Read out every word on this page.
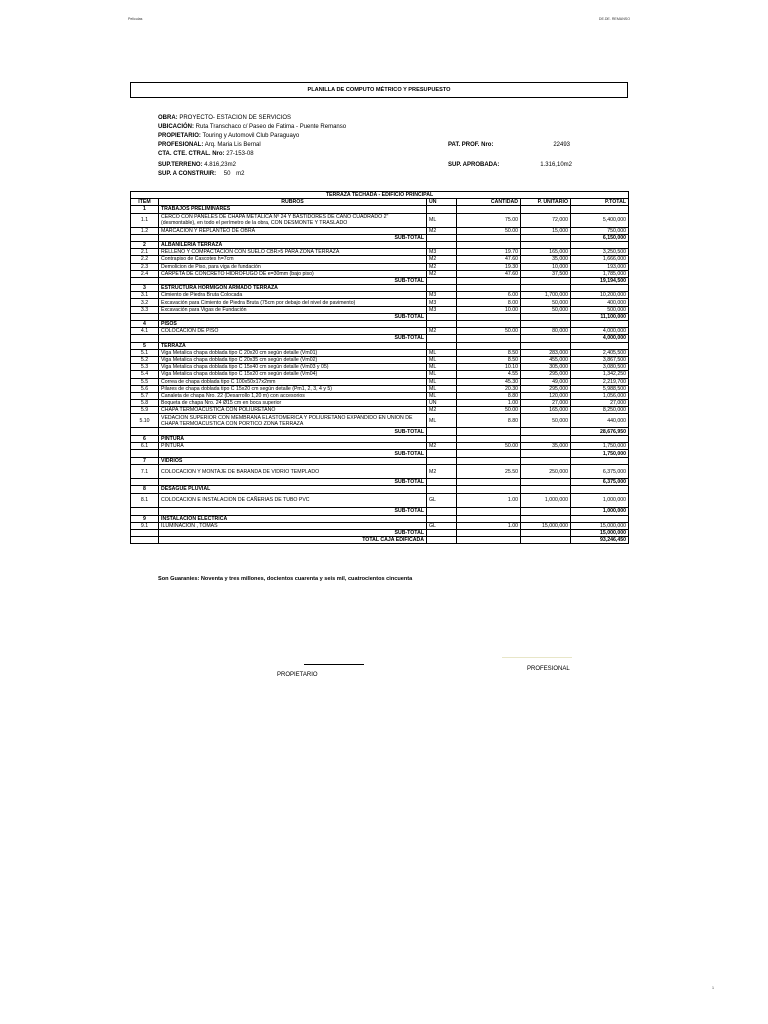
Peliculas	DE.DE. REMANSO
PLANILLA DE COMPUTO MÉTRICO Y PRESUPUESTO
OBRA: PROYECTO- ESTACION DE SERVICIOS
UBICACIÓN: Ruta Transchaco c/ Paseo de Fatima - Puente Remanso
PROPIETARIO: Touring y Automovil Club Paraguayo
PROFESIONAL: Arq. Maria Lis Bernal	PAT. PROF. Nro:	22493
CTA. CTE. CTRAL. Nro: 27-153-08
SUP.TERRENO: 4.816,23m2	SUP. APROBADA:	1.316,10m2
SUP. A CONSTRUIR: 50 m2
TERRAZA TECHADA - EDIFICIO PRINCIPAL					
ÍTEM	RUBROS	UN	CANTIDAD	P. UNITARIO	P.TOTAL
1	TRABAJOS PRELIMINARES				
1.1	CERCO CON PANELES DE CHAPA METÁLICA Nº 24 Y BASTIDORES DE CAÑO CUADRADO 2" (desmontable), en todo el perímetro de la obra, CON DESMONTE Y TRASLADO	ML	75.00	72,000	5,400,000
1.2	MARCACION Y REPLANTEO DE OBRA	M2	50.00	15,000	750,000
	SUB-TOTAL				6,150,000
2	ALBAÑILERIA TERRAZA				
2.1	RELLENO Y COMPACTACION CON SUELO CBR>5 PARA ZONA TERRAZA	M3	19.70	165,000	3,250,500
2.2	Contrapiso de Cascotes h=7cm	M2	47.60	35,000	1,666,000
2.3	Demolicion de Piso, para viga de fundación	M2	19.30	10,000	193,000
2.4	CARPETA DE CONCRETO HIDROFUGO DE e=30mm (bajo piso)	M2	47.60	37,500	1,785,000
	SUB-TOTAL				19,194,500
3	ESTRUCTURA HORMIGON ARMADO TERRAZA				
3.1	Cimiento de Piedra Bruta Colocada	M3	6.00	1,700,000	10,200,000
3.2	Excavación para Cimiento de Piedra Bruta (75cm por debajo del nivel de pavimento)	M3	8.00	50,000	400,000
3.3	Excavación para Vigas de Fundación	M3	10.00	50,000	500,000
	SUB-TOTAL				11,100,000
4	PISOS				
4.1	COLOCACION DE PISO	M2	50.00	80,000	4,000,000
	SUB-TOTAL				4,000,000
5	TERRAZA				
5.1	Viga Metalica chapa doblada tipo C 20x20 cm según detalle (Vm01)	ML	8.50	283,000	2,405,500
5.2	Viga Metalica chapa doblada tipo C 20x35 cm según detalle (Vm02)	ML	8.50	455,000	3,867,500
5.3	Viga Metalica chapa doblada tipo C 15x40 cm según detalle (Vm03 y 05)	ML	10.10	305,000	3,080,500
5.4	Viga Metalica chapa doblada tipo C 15x20 cm según detalle (Vm04)	ML	4.55	295,000	1,342,250
5.5	Correa de chapa doblada tipo C 100x50x17x2mm	ML	45.30	49,000	2,219,700
5.6	Pilares de chapa doblada tipo C 15x20 cm según detalle (Pm1, 2, 3, 4 y 5)	ML	20.30	295,000	5,988,500
5.7	Canaleta de chapa Nro. 22 (Desarrollo 1,20 m) con accesorios	ML	8.80	120,000	1,056,000
5.8	Boqueta de chapa Nro. 24 Ø15 cm en boca superior	UN	1.00	27,000	27,000
5.9	CHAPA TERMOACUSTICA CON POLIURETANO	M2	50.00	165,000	8,250,000
5.10	VEDACION SUPERIOR CON MEMBRANA ELASTOMERICA Y POLIURETANO EXPANDIDO EN UNION DE CHAPA TERMOACUSTICA CON PORTICO ZONA TERRAZA	ML	8.80	50,000	440,000
	SUB-TOTAL				28,676,950
6	PINTURA				
6.1	PINTURA	M2	50.00	35,000	1,750,000
	SUB-TOTAL				1,750,000
7	VIDRIOS				
7.1	COLOCACION Y MONTAJE DE BARANDA DE VIDRIO TEMPLADO	M2	25.50	250,000	6,375,000
	SUB-TOTAL				6,375,000
8	DESAGUE PLUVIAL				
8.1	COLOCACION E INSTALACION DE CAÑERIAS DE TUBO PVC	GL	1.00	1,000,000	1,000,000
	SUB-TOTAL				1,000,000
9	INSTALACION ELECTRICA				
9.1	ILUMINACION , TOMAS	GL	1.00	15,000,000	15,000,000
	SUB-TOTAL				15,000,000
	TOTAL CAJA EDIFICADA				93,246,450
Son Guaranies: Noventa y tres millones, docientos cuarenta y seis mil, cuatrocientos cincuenta
PROPIETARIO
PROFESIONAL
1
